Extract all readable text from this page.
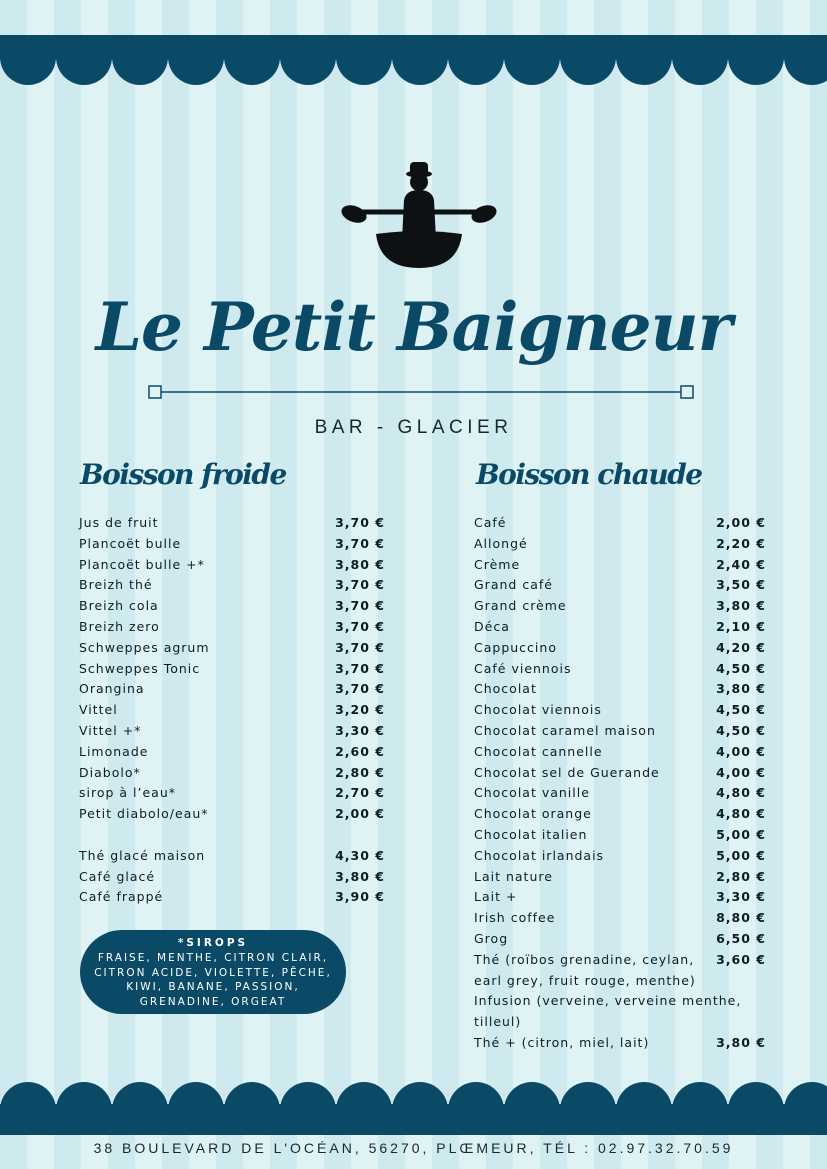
Le Petit Baigneur
BAR - GLACIER
Boisson froide	Boisson chaude
Jus de fruit	3,70 €
Plancoët bulle	3,70 €
Plancoët bulle +*	3,80 €
Breizh thé	3,70 €
Breizh cola	3,70 €
Breizh zero	3,70 €
Schweppes agrum	3,70 €
Schweppes Tonic	3,70 €
Orangina	3,70 €
Vittel	3,20 €
Vittel +*	3,30 €
Limonade	2,60 €
Diabolo*	2,80 €
sirop à l’eau*	2,70 €
Petit diabolo/eau*	2,00 €
Thé glacé maison	4,30 €
Café glacé	3,80 €
Café frappé	3,90 €
Café	2,00 €
Allongé	2,20 €
Crème	2,40 €
Grand café	3,50 €
Grand crème	3,80 €
Déca	2,10 €
Cappuccino	4,20 €
Café viennois	4,50 €
Chocolat	3,80 €
Chocolat viennois	4,50 €
Chocolat caramel maison	4,50 €
Chocolat cannelle	4,00 €
Chocolat sel de Guerande	4,00 €
Chocolat vanille	4,80 €
Chocolat orange	4,80 €
Chocolat italien	5,00 €
Chocolat irlandais	5,00 €
Lait nature	2,80 €
Lait +	3,30 €
Irish coffee	8,80 €
Grog	6,50 €
Thé (roïbos grenadine, ceylan, earl grey, fruit rouge, menthe)
3,60 €
Infusion (verveine, verveine menthe, tilleul)
Thé + (citron, miel, lait)	3,80 €
*SIROPS
FRAISE, MENTHE, CITRON CLAIR,
CITRON ACIDE, VIOLETTE, PÊCHE,
KIWI, BANANE, PASSION,
GRENADINE, ORGEAT
38 BOULEVARD DE L'OCÉAN, 56270, PLŒMEUR, TÉL : 02.97.32.70.59
